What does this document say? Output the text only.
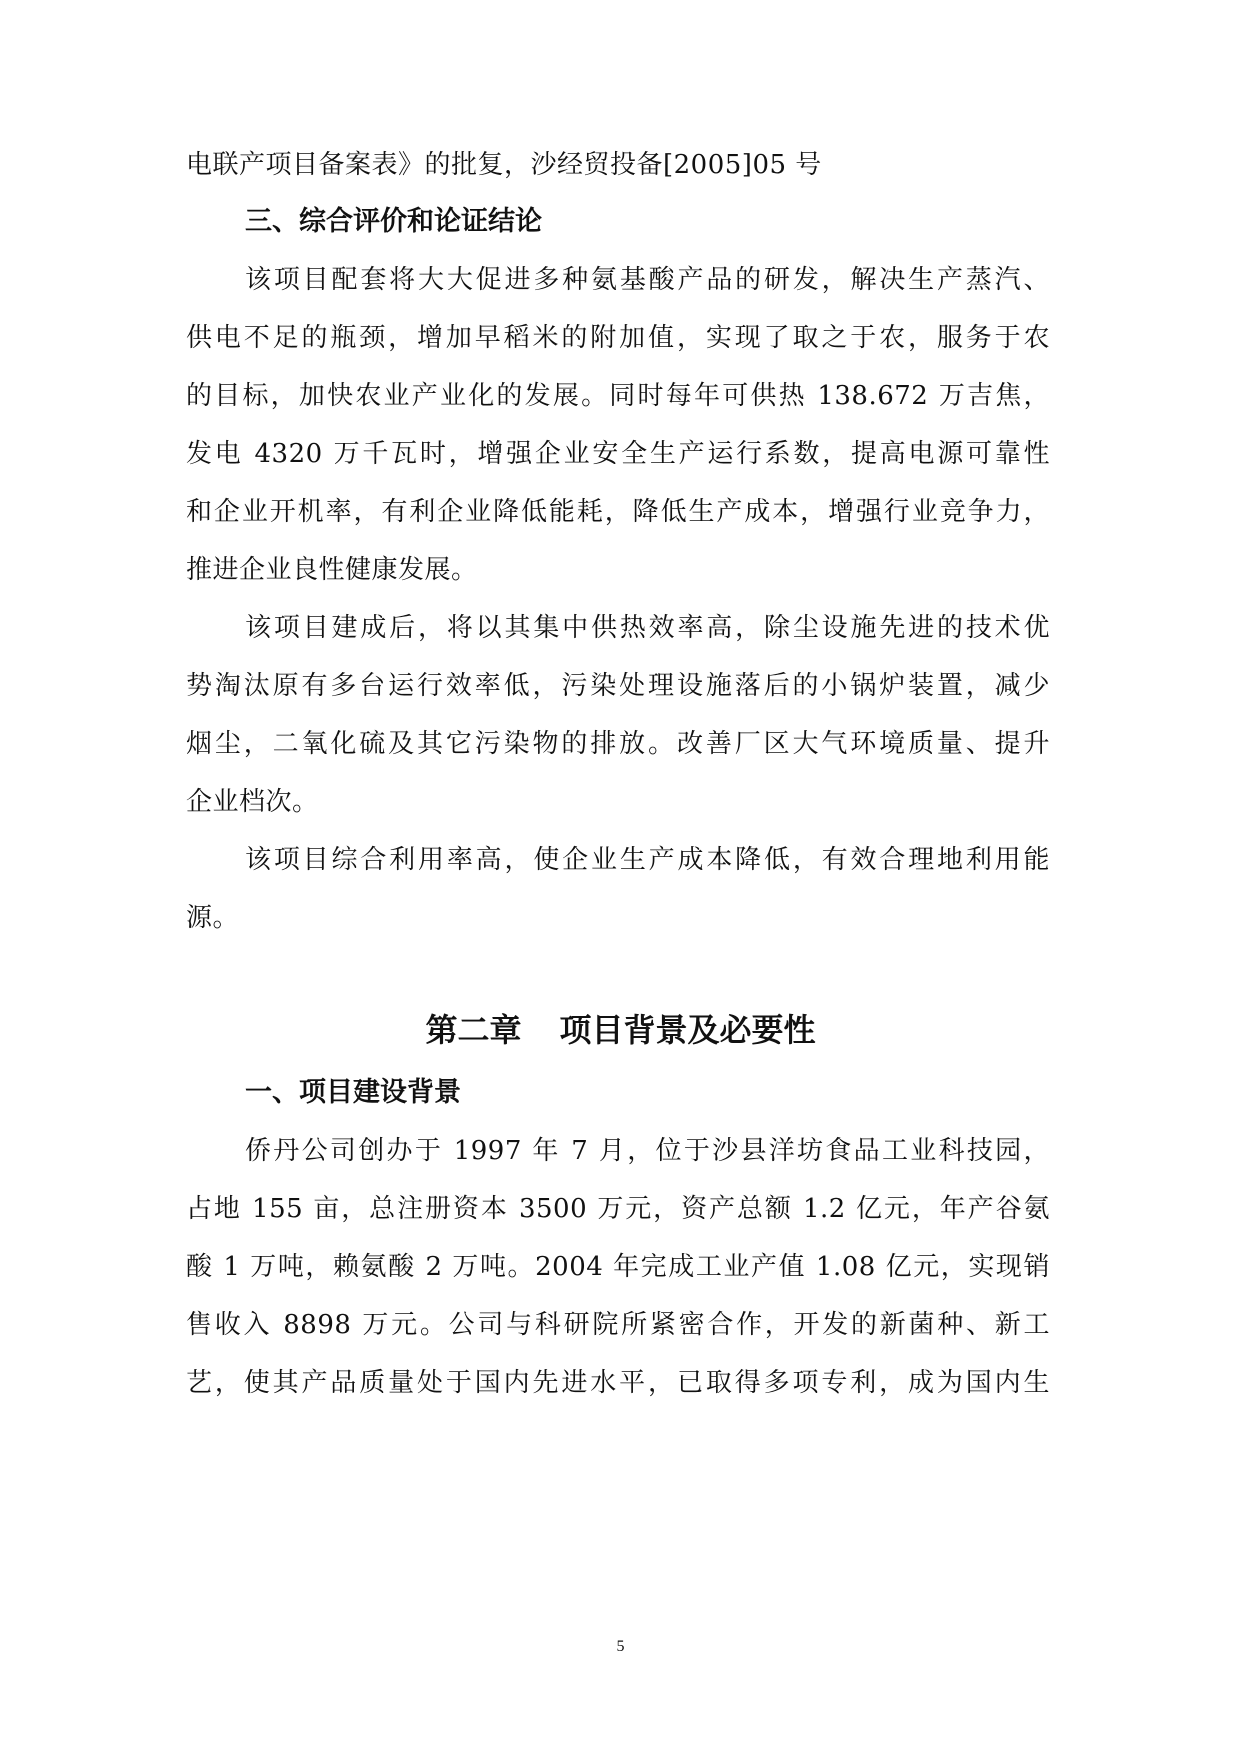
电联产项目备案表》的批复，沙经贸投备[2005]05 号
三、综合评价和论证结论
该项目配套将大大促进多种氨基酸产品的研发，解决生产蒸汽、
供电不足的瓶颈，增加早稻米的附加值，实现了取之于农，服务于农
的目标，加快农业产业化的发展。同时每年可供热 138.672 万吉焦，
发电 4320 万千瓦时，增强企业安全生产运行系数，提高电源可靠性
和企业开机率，有利企业降低能耗，降低生产成本，增强行业竞争力，
推进企业良性健康发展。
该项目建成后，将以其集中供热效率高，除尘设施先进的技术优
势淘汰原有多台运行效率低，污染处理设施落后的小锅炉装置，减少
烟尘，二氧化硫及其它污染物的排放。改善厂区大气环境质量、提升
企业档次。
该项目综合利用率高，使企业生产成本降低，有效合理地利用能
源。
第二章 项目背景及必要性
一、项目建设背景
侨丹公司创办于 1997 年 7 月，位于沙县洋坊食品工业科技园，
占地 155 亩，总注册资本 3500 万元，资产总额 1.2 亿元，年产谷氨
酸 1 万吨，赖氨酸 2 万吨。2004 年完成工业产值 1.08 亿元，实现销
售收入 8898 万元。公司与科研院所紧密合作，开发的新菌种、新工
艺，使其产品质量处于国内先进水平，已取得多项专利，成为国内生
5
